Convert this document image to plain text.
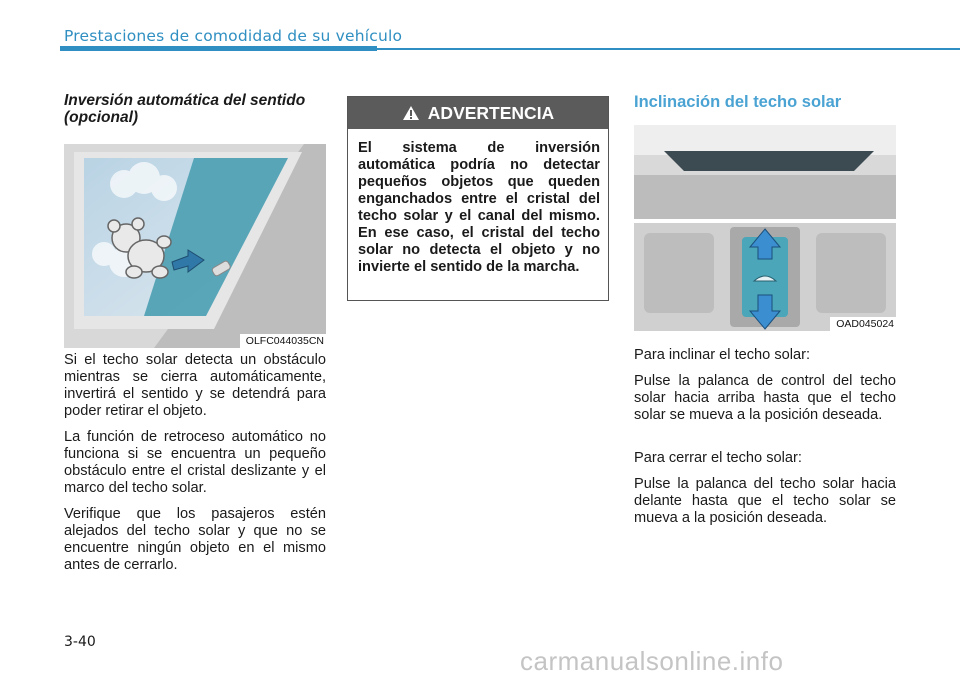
Prestaciones de comodidad de su vehículo
Inversión automática del sentido (opcional)
OLFC044035CN

Si el techo solar detecta un obstáculo mientras se cierra automáticamente, invertirá el sentido y se detendrá para poder retirar el objeto.

La función de retroceso automático no funciona si se encuentra un pequeño obstáculo entre el cristal deslizante y el marco del techo solar.

Verifique que los pasajeros estén alejados del techo solar y que no se encuentre ningún objeto en el mismo antes de cerrarlo.

ADVERTENCIA
El sistema de inversión automática podría no detectar pequeños objetos que queden enganchados entre el cristal del techo solar y el canal del mismo. En ese caso, el cristal del techo solar no detecta el objeto y no invierte el sentido de la marcha.
Inclinación del techo solar
OAD045024

Para inclinar el techo solar:

Pulse la palanca de control del techo solar hacia arriba hasta que el techo solar se mueva a la posición deseada.

Para cerrar el techo solar:

Pulse la palanca del techo solar hacia delante hasta que el techo solar se mueva a la posición deseada.

3-40
carmanualsonline.info
